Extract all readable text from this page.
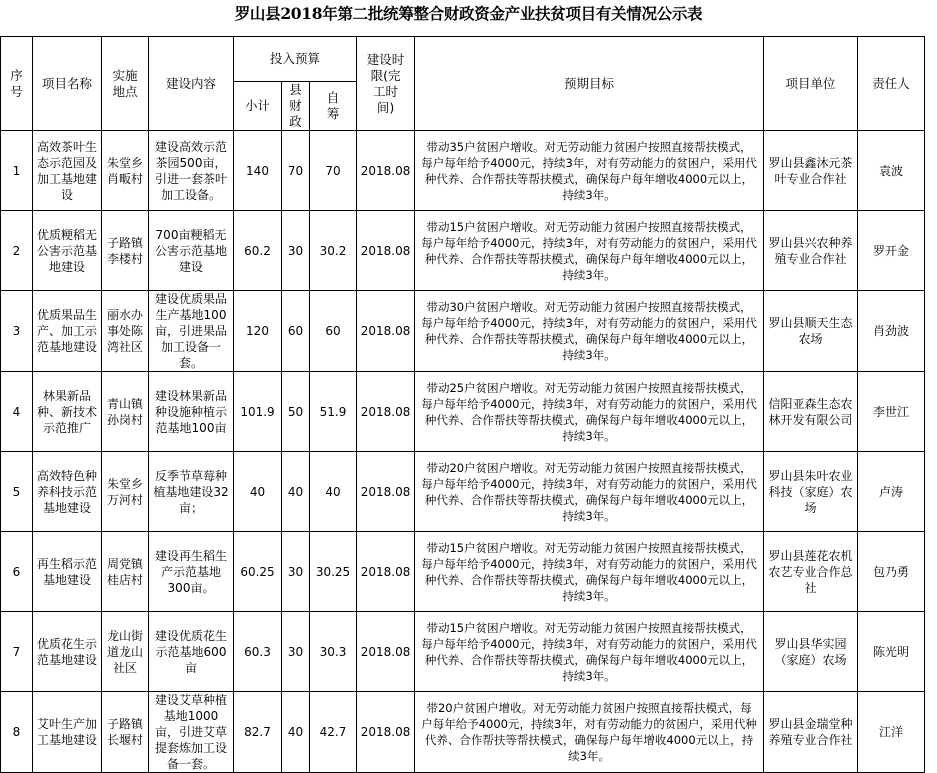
罗山县2018年第二批统筹整合财政资金产业扶贫项目有关情况公示表
序号	项目名称	实施地点	建设内容	投入预算			建设时限(完工时间)	预期目标	项目单位	责任人
				小计	县财政	自筹				
1	高效茶叶生态示范园及加工基地建设	朱堂乡肖畈村	建设高效示范茶园500亩，引进一套茶叶加工设备。	140	70	70	2018.08	带动35户贫困户增收。对无劳动能力贫困户按照直接帮扶模式，每户每年给予4000元，持续3年，对有劳动能力的贫困户，采用代种代养、合作帮扶等帮扶模式，确保每户每年增收4000元以上，持续3年。	罗山县鑫沐元茶叶专业合作社	袁波
2	优质粳稻无公害示范基地建设	子路镇李楼村	700亩粳稻无公害示范基地建设	60.2	30	30.2	2018.08	带动15户贫困户增收。对无劳动能力贫困户按照直接帮扶模式，每户每年给予4000元，持续3年，对有劳动能力的贫困户，采用代种代养、合作帮扶等帮扶模式，确保每户每年增收4000元以上，持续3年。	罗山县兴农种养殖专业合作社	罗开金
3	优质果品生产、加工示范基地建设	丽水办事处陈湾社区	建设优质果品生产基地100亩，引进果品加工设备一套。	120	60	60	2018.08	带动30户贫困户增收。对无劳动能力贫困户按照直接帮扶模式，每户每年给予4000元，持续3年，对有劳动能力的贫困户，采用代种代养、合作帮扶等帮扶模式，确保每户每年增收4000元以上，持续3年。	罗山县顺天生态农场	肖劲波
4	林果新品种、新技术示范推广	青山镇孙岗村	建设林果新品种设施种植示范基地100亩	101.9	50	51.9	2018.08	带动25户贫困户增收。对无劳动能力贫困户按照直接帮扶模式，每户每年给予4000元，持续3年，对有劳动能力的贫困户，采用代种代养、合作帮扶等帮扶模式，确保每户每年增收4000元以上，持续3年。	信阳亚森生态农林开发有限公司	李世江
5	高效特色种养科技示范基地建设	朱堂乡万河村	反季节草莓种植基地建设32亩；	40	40	40	2018.08	带动20户贫困户增收。对无劳动能力贫困户按照直接帮扶模式，每户每年给予4000元，持续3年，对有劳动能力的贫困户，采用代种代养、合作帮扶等帮扶模式，确保每户每年增收4000元以上，持续3年。	罗山县朱叶农业科技（家庭）农场	卢涛
6	再生稻示范基地建设	周党镇桂店村	建设再生稻生产示范基地300亩。	60.25	30	30.25	2018.08	带动15户贫困户增收。对无劳动能力贫困户按照直接帮扶模式，每户每年给予4000元，持续3年，对有劳动能力的贫困户，采用代种代养、合作帮扶等帮扶模式，确保每户每年增收4000元以上，持续3年。	罗山县莲花农机农艺专业合作总社	包乃勇
7	优质花生示范基地建设	龙山街道龙山社区	建设优质花生示范基地600亩	60.3	30	30.3	2018.08	带动15户贫困户增收。对无劳动能力贫困户按照直接帮扶模式，每户每年给予4000元，持续3年，对有劳动能力的贫困户，采用代种代养、合作帮扶等帮扶模式，确保每户每年增收4000元以上，持续3年。	罗山县华实园（家庭）农场	陈光明
8	艾叶生产加工基地建设	子路镇长堰村	建设艾草种植基地1000亩，引进艾草提套炼加工设备一套。	82.7	40	42.7	2018.08	带20户贫困户增收。对无劳动能力贫困户按照直接帮扶模式，每户每年给予4000元，持续3年，对有劳动能力的贫困户，采用代种代养、合作帮扶等帮扶模式，确保每户每年增收4000元以上，持续3年。	罗山县金瑞堂种养殖专业合作社	江洋
